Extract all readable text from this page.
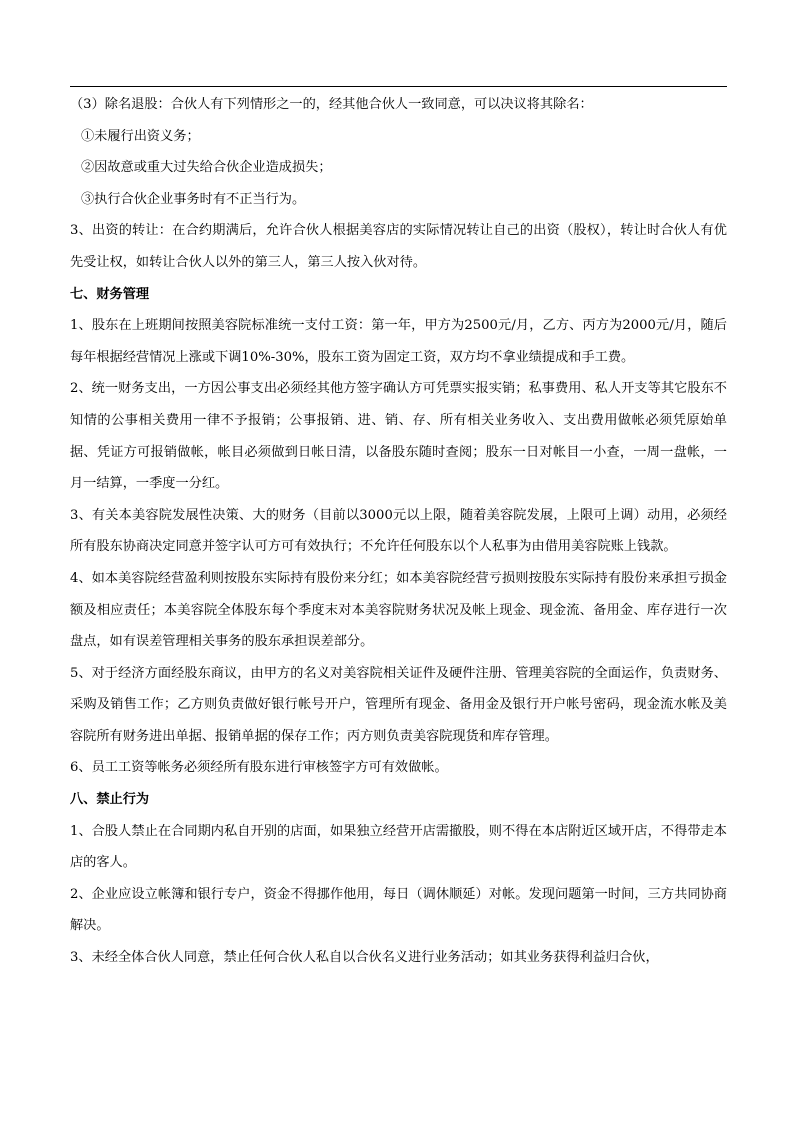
（3）除名退股：合伙人有下列情形之一的，经其他合伙人一致同意，可以决议将其除名：
①未履行出资义务；
②因故意或重大过失给合伙企业造成损失；
③执行合伙企业事务时有不正当行为。
3、出资的转让：在合约期满后，允许合伙人根据美容店的实际情况转让自己的出资（股权），转让时合伙人有优先受让权，如转让合伙人以外的第三人，第三人按入伙对待。
七、财务管理
1、股东在上班期间按照美容院标准统一支付工资：第一年，甲方为2500元/月，乙方、丙方为2000元/月，随后每年根据经营情况上涨或下调10%-30%，股东工资为固定工资，双方均不拿业绩提成和手工费。
2、统一财务支出，一方因公事支出必须经其他方签字确认方可凭票实报实销；私事费用、私人开支等其它股东不知情的公事相关费用一律不予报销；公事报销、进、销、存、所有相关业务收入、支出费用做帐必须凭原始单据、凭证方可报销做帐，帐目必须做到日帐日清，以备股东随时查阅；股东一日对帐目一小查，一周一盘帐，一月一结算，一季度一分红。
3、有关本美容院发展性决策、大的财务（目前以3000元以上限，随着美容院发展，上限可上调）动用，必须经所有股东协商决定同意并签字认可方可有效执行；不允许任何股东以个人私事为由借用美容院账上钱款。
4、如本美容院经营盈利则按股东实际持有股份来分红；如本美容院经营亏损则按股东实际持有股份来承担亏损金额及相应责任；本美容院全体股东每个季度末对本美容院财务状况及帐上现金、现金流、备用金、库存进行一次盘点，如有误差管理相关事务的股东承担误差部分。
5、对于经济方面经股东商议，由甲方的名义对美容院相关证件及硬件注册、管理美容院的全面运作，负责财务、采购及销售工作；乙方则负责做好银行帐号开户，管理所有现金、备用金及银行开户帐号密码，现金流水帐及美容院所有财务进出单据、报销单据的保存工作；丙方则负责美容院现货和库存管理。
6、员工工资等帐务必须经所有股东进行审核签字方可有效做帐。
八、禁止行为
1、合股人禁止在合同期内私自开别的店面，如果独立经营开店需撤股，则不得在本店附近区域开店，不得带走本店的客人。
2、企业应设立帐簿和银行专户，资金不得挪作他用，每日（调休顺延）对帐。发现问题第一时间，三方共同协商解决。
3、未经全体合伙人同意，禁止任何合伙人私自以合伙名义进行业务活动；如其业务获得利益归合伙，
